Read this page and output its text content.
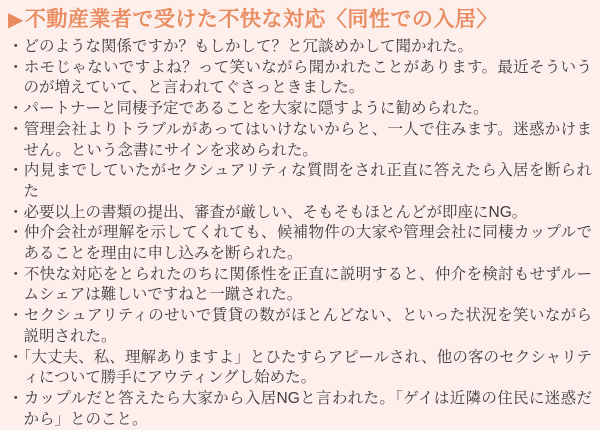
▶ 不動産業者で受けた不快な対応〈同性での入居〉
・どのような関係ですか？もしかして？と冗談めかして聞かれた。
・ホモじゃないですよね？って笑いながら聞かれたことがあります。最近そういうのが増えていて、と言われてぐさっときました。
・パートナーと同棲予定であることを大家に隠すように勧められた。
・管理会社よりトラブルがあってはいけないからと、一人で住みます。迷惑かけません。という念書にサインを求められた。
・内見までしていたがセクシュアリティな質問をされ正直に答えたら入居を断られた
・必要以上の書類の提出、審査が厳しい、そもそもほとんどが即座にNG。
・仲介会社が理解を示してくれても、候補物件の大家や管理会社に同棲カップルであることを理由に申し込みを断られた。
・不快な対応をとられたのちに関係性を正直に説明すると、仲介を検討もせずルームシェアは難しいですねと一蹴された。
・セクシュアリティのせいで賃貸の数がほとんどない、といった状況を笑いながら説明された。
・「大丈夫、私、理解ありますよ」とひたすらアピールされ、他の客のセクシャリティについて勝手にアウティングし始めた。
・カップルだと答えたら大家から入居NGと言われた。「ゲイは近隣の住民に迷惑だから」とのこと。
